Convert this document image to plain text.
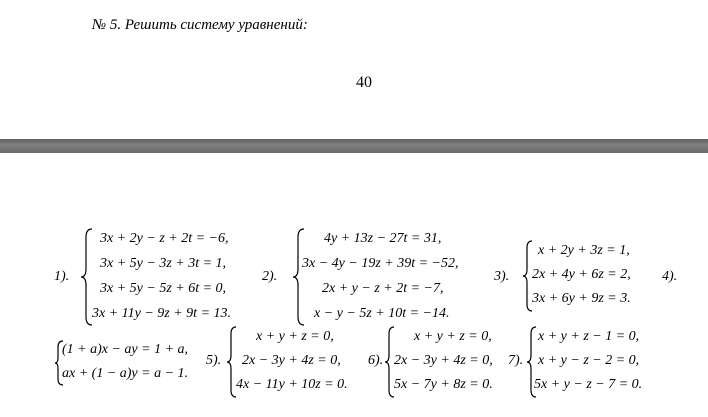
№ 5. Решить систему уравнений:
40
1).	2).	3).	4).
3x + 2y − z + 2t = −6,
3x + 5y − 3z + 3t = 1,
3x + 5y − 5z + 6t = 0,
3x + 11y − 9z + 9t = 13.
4y + 13z − 27t = 31,
3x − 4y − 19z + 39t = −52,
2x + y − z + 2t = −7,
x − y − 5z + 10t = −14.
x + 2y + 3z = 1,
2x + 4y + 6z = 2,
3x + 6y + 9z = 3.
(1 + a)x − ay = 1 + a,
ax + (1 − a)y = a − 1.
5).	6).	7).
x + y + z = 0,
2x − 3y + 4z = 0,
4x − 11y + 10z = 0.
x + y + z = 0,
2x − 3y + 4z = 0,
5x − 7y + 8z = 0.
x + y + z − 1 = 0,
x + y − z − 2 = 0,
5x + y − z − 7 = 0.
